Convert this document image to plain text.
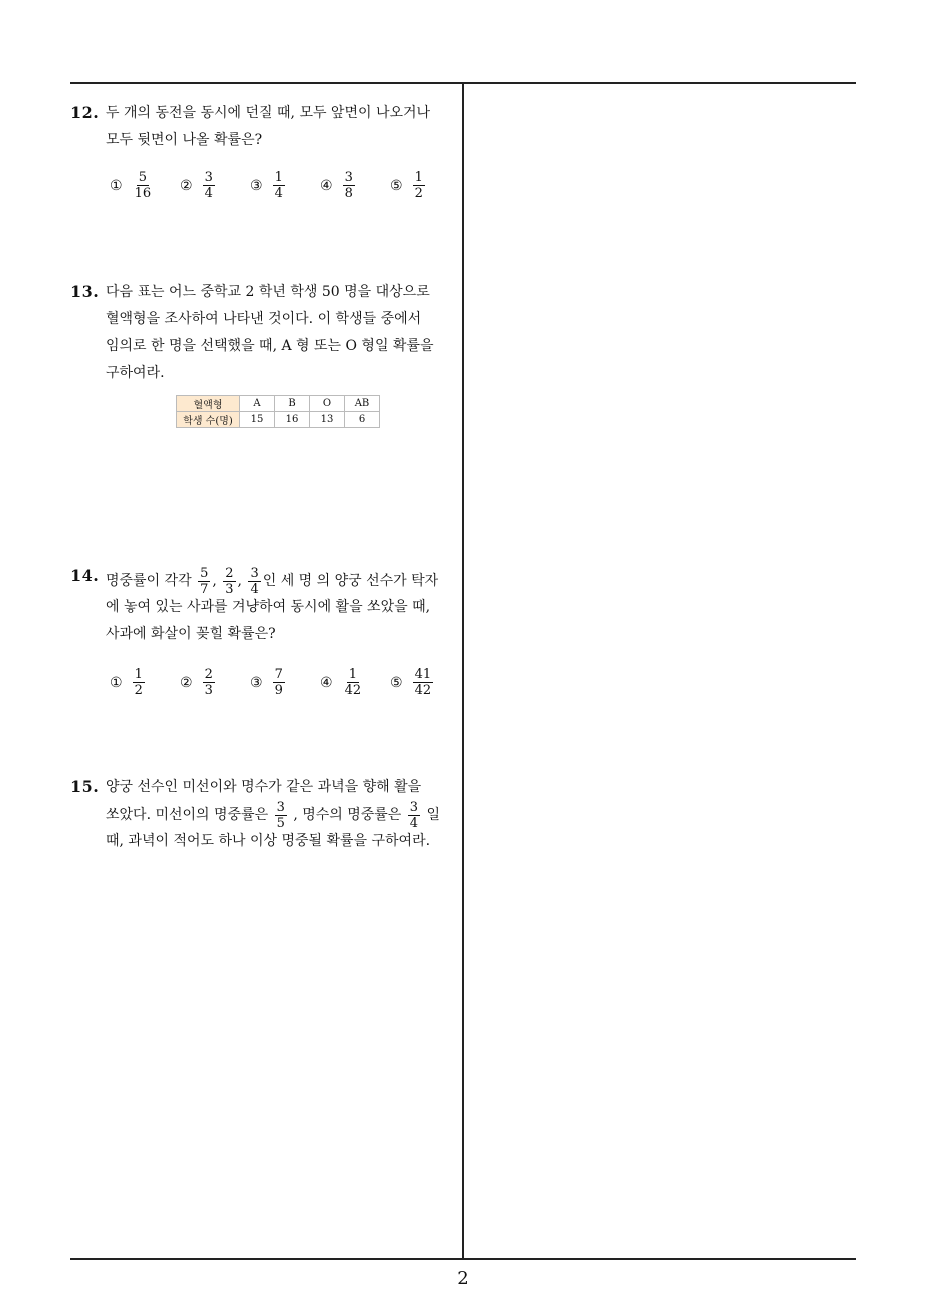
12. 두 개의 동전을 동시에 던질 때, 모두 앞면이 나오거나
모두 뒷면이 나올 확률은?
① $\frac{5}{16}$ ② $\frac{3}{4}$	③ $\frac{1}{4}$	④ $\frac{3}{8}$	⑤ $\frac{1}{2}$
13. 다음 표는 어느 중학교 2 학년 학생 50 명을 대상으로
혈액형을 조사하여 나타낸 것이다. 이 학생들 중에서
임의로 한 명을 선택했을 때, A 형 또는 O 형일 확률을
구하여라.
혈액형	A	B	O	AB
학생 수(명)	15	16	13	6
14. 명중률이 각각 $\frac{5}{7}$ , $\frac{2}{3}$ , $\frac{3}{4}$ 인 세 명 의 양궁 선수가 탁자
에 놓여 있는 사과를 겨냥하여 동시에 활을 쏘았을 때,
사과에 화살이 꽂힐 확률은?
① $\frac{1}{2}$	② $\frac{2}{3}$	③ $\frac{7}{9}$	④ $\frac{1}{42}$ ⑤ $\frac{41}{42}$
15. 양궁 선수인 미선이와 명수가 같은 과녁을 향해 활을
쏘았다. 미선이의 명중률은 $\frac{3}{5}$ , 명수의 명중률은 $\frac{3}{4}$ 일
때, 과녁이 적어도 하나 이상 명중될 확률을 구하여라.
2
